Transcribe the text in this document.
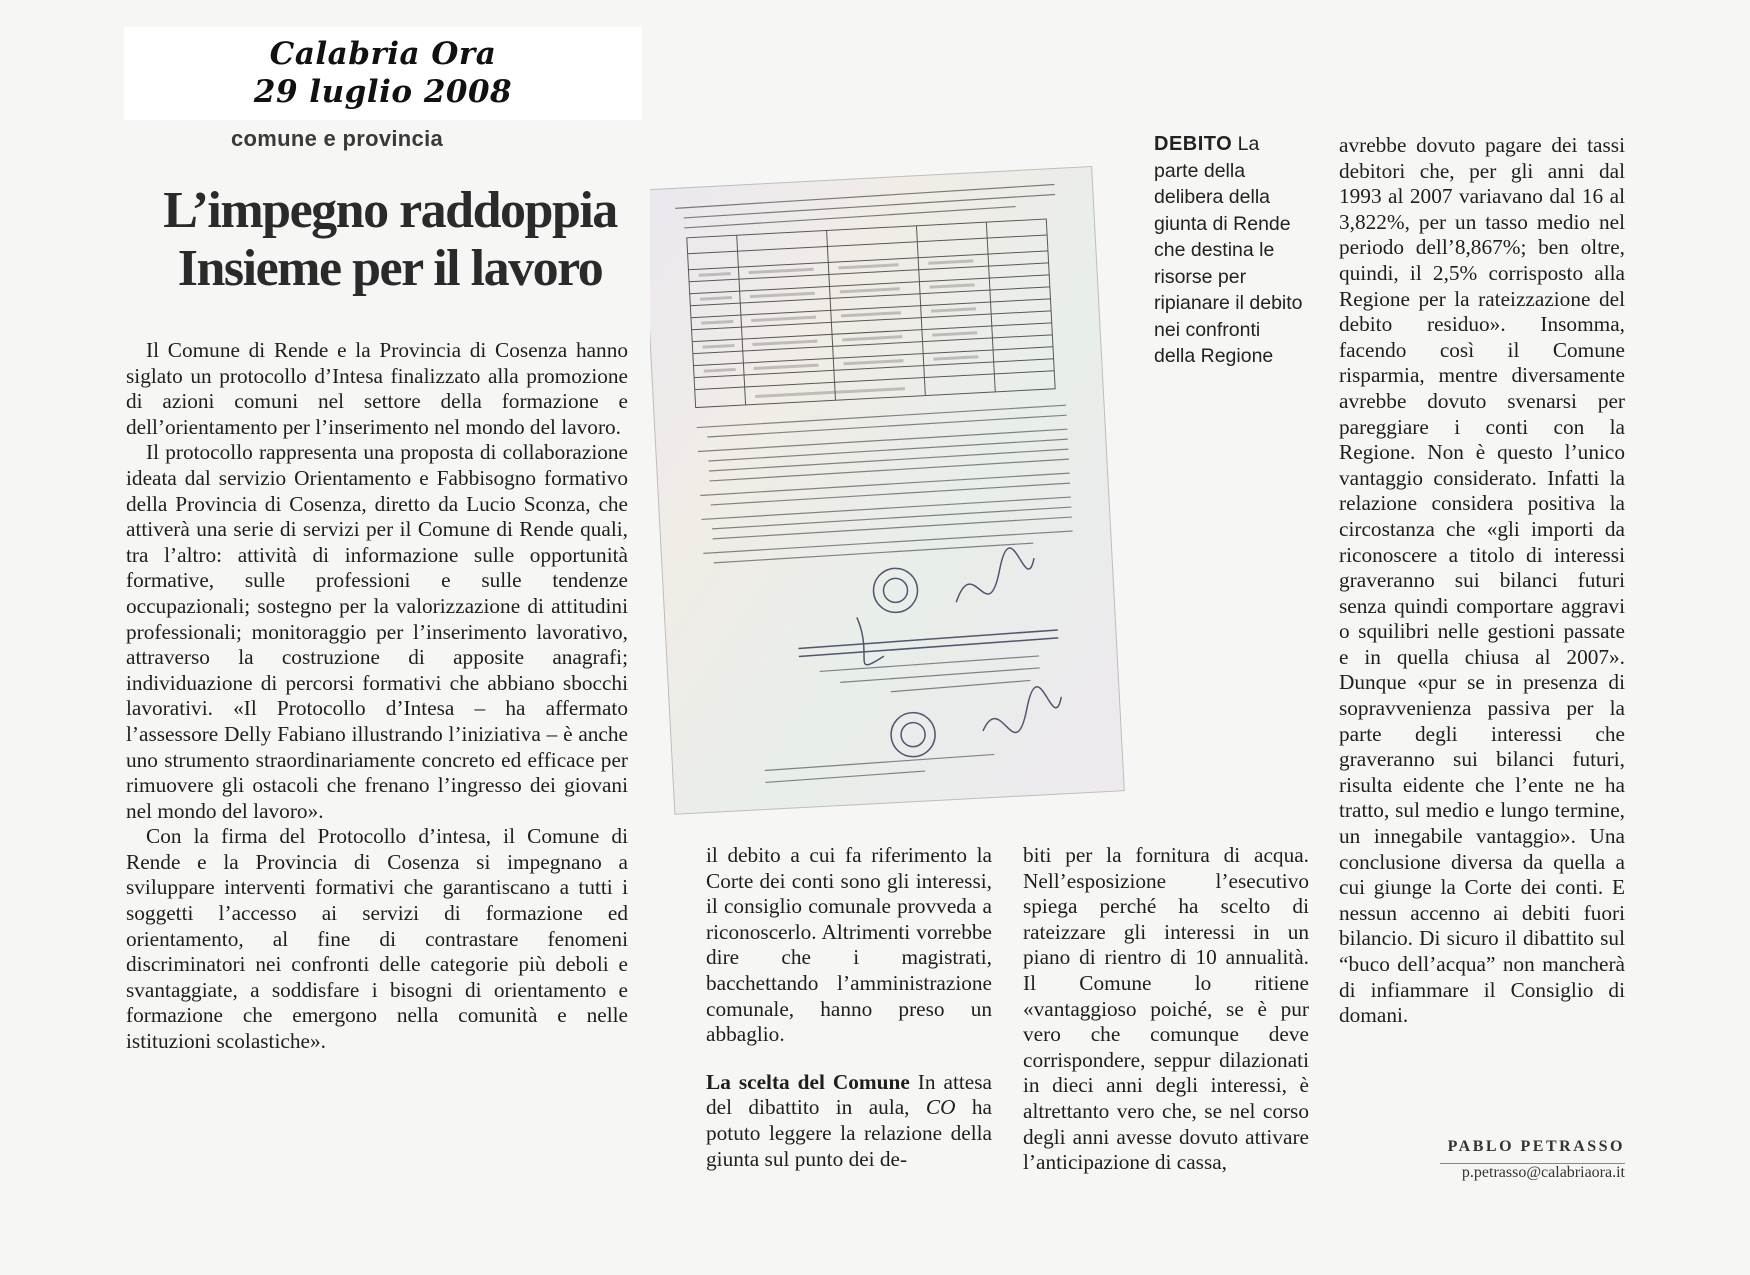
Calabria Ora
29 luglio 2008
comune e provincia
L’impegno raddoppia
Insieme per il lavoro

Il Comune di Rende e la Provincia di Cosenza hanno siglato un protocollo d’Intesa finalizzato alla promozione di azioni comuni nel settore della formazione e dell’orientamento per l’inserimento nel mondo del lavoro.

Il protocollo rappresenta una proposta di collaborazione ideata dal servizio Orientamento e Fabbisogno formativo della Provincia di Cosenza, diretto da Lucio Sconza, che attiverà una serie di servizi per il Comune di Rende quali, tra l’altro: attività di informazione sulle opportunità formative, sulle professioni e sulle tendenze occupazionali; sostegno per la valorizzazione di attitudini professionali; monitoraggio per l’inserimento lavorativo, attraverso la costruzione di apposite anagrafi; individuazione di percorsi formativi che abbiano sbocchi lavorativi. «Il Protocollo d’Intesa – ha affermato l’assessore Delly Fabiano illustrando l’iniziativa – è anche uno strumento straordinariamente concreto ed efficace per rimuovere gli ostacoli che frenano l’ingresso dei giovani nel mondo del lavoro».

Con la firma del Protocollo d’intesa, il Comune di Rende e la Provincia di Cosenza si impegnano a sviluppare interventi formativi che garantiscano a tutti i soggetti l’accesso ai servizi di formazione ed orientamento, al fine di contrastare fenomeni discriminatori nei confronti delle categorie più deboli e svantaggiate, a soddisfare i bisogni di orientamento e formazione che emergono nella comunità e nelle istituzioni scolastiche».

DEBITO La parte della delibera della giunta di Rende che destina le risorse per ripianare il debito nei confronti della Regione

il debito a cui fa riferimento la Corte dei conti sono gli interessi, il consiglio comunale provveda a riconoscerlo. Altrimenti vorrebbe dire che i magistrati, bacchettando l’amministrazione comunale, hanno preso un abbaglio.

La scelta del Comune In attesa del dibattito in aula, CO ha potuto leggere la relazione della giunta sul punto dei de-

biti per la fornitura di acqua. Nell’esposizione l’esecutivo spiega perché ha scelto di rateizzare gli interessi in un piano di rientro di 10 annualità. Il Comune lo ritiene «vantaggioso poiché, se è pur vero che comunque deve corrispondere, seppur dilazionati in dieci anni degli interessi, è altrettanto vero che, se nel corso degli anni avesse dovuto attivare l’anticipazione di cassa,

avrebbe dovuto pagare dei tassi debitori che, per gli anni dal 1993 al 2007 variavano dal 16 al 3,822%, per un tasso medio nel periodo dell’8,867%; ben oltre, quindi, il 2,5% corrisposto alla Regione per la rateizzazione del debito residuo». Insomma, facendo così il Comune risparmia, mentre diversamente avrebbe dovuto svenarsi per pareggiare i conti con la Regione. Non è questo l’unico vantaggio considerato. Infatti la relazione considera positiva la circostanza che «gli importi da riconoscere a titolo di interessi graveranno sui bilanci futuri senza quindi comportare aggravi o squilibri nelle gestioni passate e in quella chiusa al 2007». Dunque «pur se in presenza di sopravvenienza passiva per la parte degli interessi che graveranno sui bilanci futuri, risulta eidente che l’ente ne ha tratto, sul medio e lungo termine, un innegabile vantaggio». Una conclusione diversa da quella a cui giunge la Corte dei conti. E nessun accenno ai debiti fuori bilancio. Di sicuro il dibattito sul “buco dell’acqua” non mancherà di infiammare il Consiglio di domani.

PABLO PETRASSO
p.petrasso@calabriaora.it
